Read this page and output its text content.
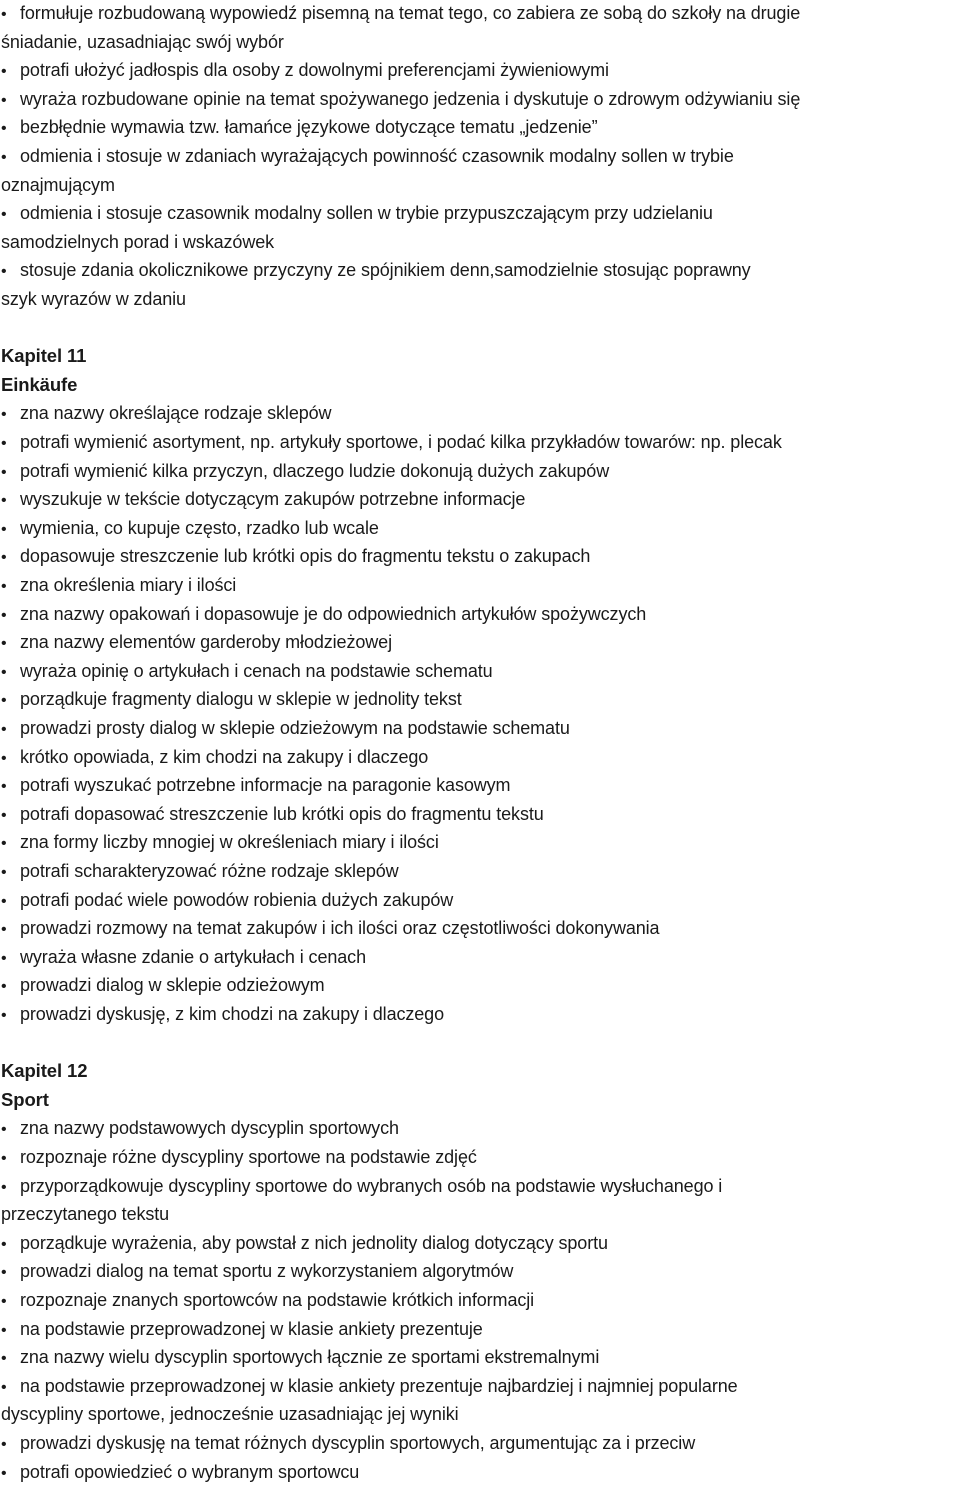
• formułuje rozbudowaną wypowiedź pisemną na temat tego, co zabiera ze sobą do szkoły na drugie
śniadanie, uzasadniając swój wybór
• potrafi ułożyć jadłospis dla osoby z dowolnymi preferencjami żywieniowymi
• wyraża rozbudowane opinie na temat spożywanego jedzenia i dyskutuje o zdrowym odżywianiu się
• bezbłędnie wymawia tzw. łamańce językowe dotyczące tematu „jedzenie”
• odmienia i stosuje w zdaniach wyrażających powinność czasownik modalny sollen w trybie
oznajmującym
• odmienia i stosuje czasownik modalny sollen w trybie przypuszczającym przy udzielaniu
samodzielnych porad i wskazówek
• stosuje zdania okolicznikowe przyczyny ze spójnikiem denn,samodzielnie stosując poprawny
szyk wyrazów w zdaniu
Kapitel 11
Einkäufe
• zna nazwy określające rodzaje sklepów
• potrafi wymienić asortyment, np. artykuły sportowe, i podać kilka przykładów towarów: np. plecak
• potrafi wymienić kilka przyczyn, dlaczego ludzie dokonują dużych zakupów
• wyszukuje w tekście dotyczącym zakupów potrzebne informacje
• wymienia, co kupuje często, rzadko lub wcale
• dopasowuje streszczenie lub krótki opis do fragmentu tekstu o zakupach
• zna określenia miary i ilości
• zna nazwy opakowań i dopasowuje je do odpowiednich artykułów spożywczych
• zna nazwy elementów garderoby młodzieżowej
• wyraża opinię o artykułach i cenach na podstawie schematu
• porządkuje fragmenty dialogu w sklepie w jednolity tekst
• prowadzi prosty dialog w sklepie odzieżowym na podstawie schematu
• krótko opowiada, z kim chodzi na zakupy i dlaczego
• potrafi wyszukać potrzebne informacje na paragonie kasowym
• potrafi dopasować streszczenie lub krótki opis do fragmentu tekstu
• zna formy liczby mnogiej w określeniach miary i ilości
• potrafi scharakteryzować różne rodzaje sklepów
• potrafi podać wiele powodów robienia dużych zakupów
• prowadzi rozmowy na temat zakupów i ich ilości oraz częstotliwości dokonywania
• wyraża własne zdanie o artykułach i cenach
• prowadzi dialog w sklepie odzieżowym
• prowadzi dyskusję, z kim chodzi na zakupy i dlaczego
Kapitel 12
Sport
• zna nazwy podstawowych dyscyplin sportowych
• rozpoznaje różne dyscypliny sportowe na podstawie zdjęć
• przyporządkowuje dyscypliny sportowe do wybranych osób na podstawie wysłuchanego i
przeczytanego tekstu
• porządkuje wyrażenia, aby powstał z nich jednolity dialog dotyczący sportu
• prowadzi dialog na temat sportu z wykorzystaniem algorytmów
• rozpoznaje znanych sportowców na podstawie krótkich informacji
• na podstawie przeprowadzonej w klasie ankiety prezentuje
• zna nazwy wielu dyscyplin sportowych łącznie ze sportami ekstremalnymi
• na podstawie przeprowadzonej w klasie ankiety prezentuje najbardziej i najmniej popularne
dyscypliny sportowe, jednocześnie uzasadniając jej wyniki
• prowadzi dyskusję na temat różnych dyscyplin sportowych, argumentując za i przeciw
• potrafi opowiedzieć o wybranym sportowcu
